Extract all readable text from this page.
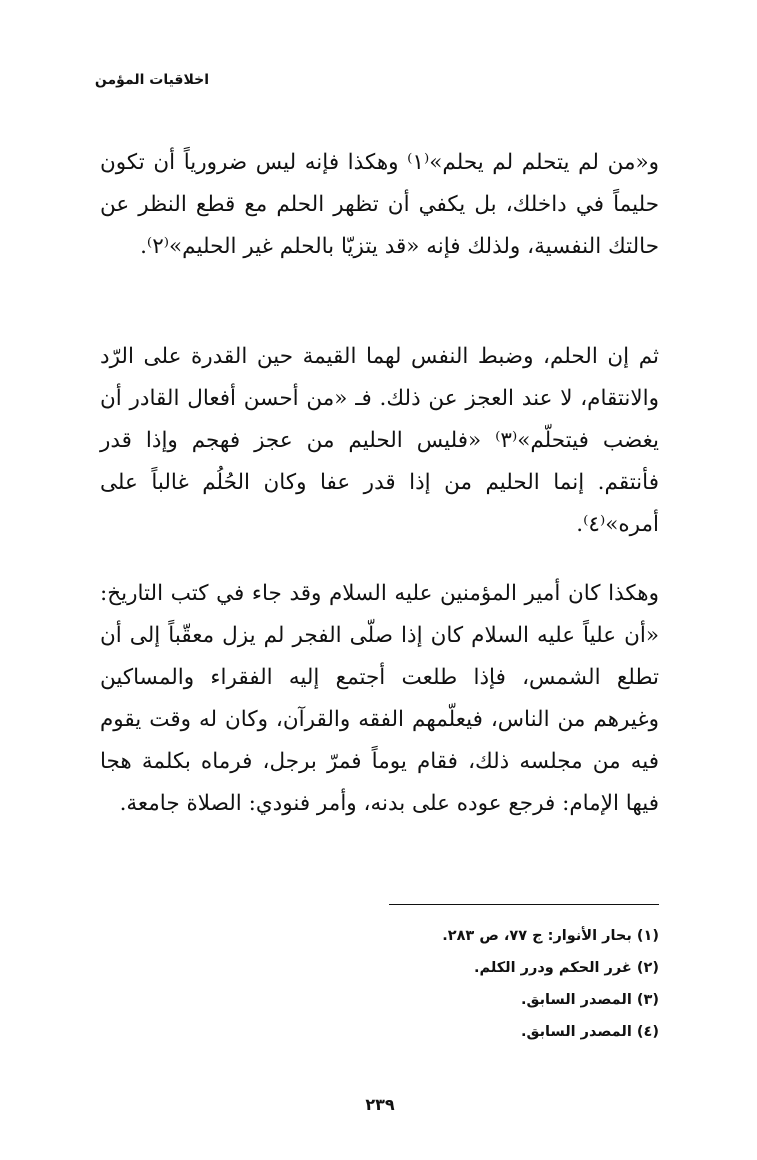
اخلاقيات المؤمن

و«من لم يتحلم لم يحلم»⁽١⁾ وهكذا فإنه ليس ضرورياً أن تكون حليماً في داخلك، بل يكفي أن تظهر الحلم مع قطع النظر عن حالتك النفسية، ولذلك فإنه «قد يتزيّا بالحلم غير الحليم»⁽٢⁾.

ثم إن الحلم، وضبط النفس لهما القيمة حين القدرة على الرّد والانتقام، لا عند العجز عن ذلك. فـ «من أحسن أفعال القادر أن يغضب فيتحلّم»⁽٣⁾ «فليس الحليم من عجز فهجم وإذا قدر فأنتقم. إنما الحليم من إذا قدر عفا وكان الحُلُم غالباً على أمره»⁽٤⁾.

وهكذا كان أمير المؤمنين عليه السلام وقد جاء في كتب التاريخ: «أن علياً عليه السلام كان إذا صلّى الفجر لم يزل معقّباً إلى أن تطلع الشمس، فإذا طلعت أجتمع إليه الفقراء والمساكين وغيرهم من الناس، فيعلّمهم الفقه والقرآن، وكان له وقت يقوم فيه من مجلسه ذلك، فقام يوماً فمرّ برجل، فرماه بكلمة هجا فيها الإمام: فرجع عوده على بدنه، وأمر فنودي: الصلاة جامعة.

(١) بحار الأنوار: ج ٧٧، ص ٢٨٣.
(٢) غرر الحكم ودرر الكلم.
(٣) المصدر السابق.
(٤) المصدر السابق.
٢٣٩
